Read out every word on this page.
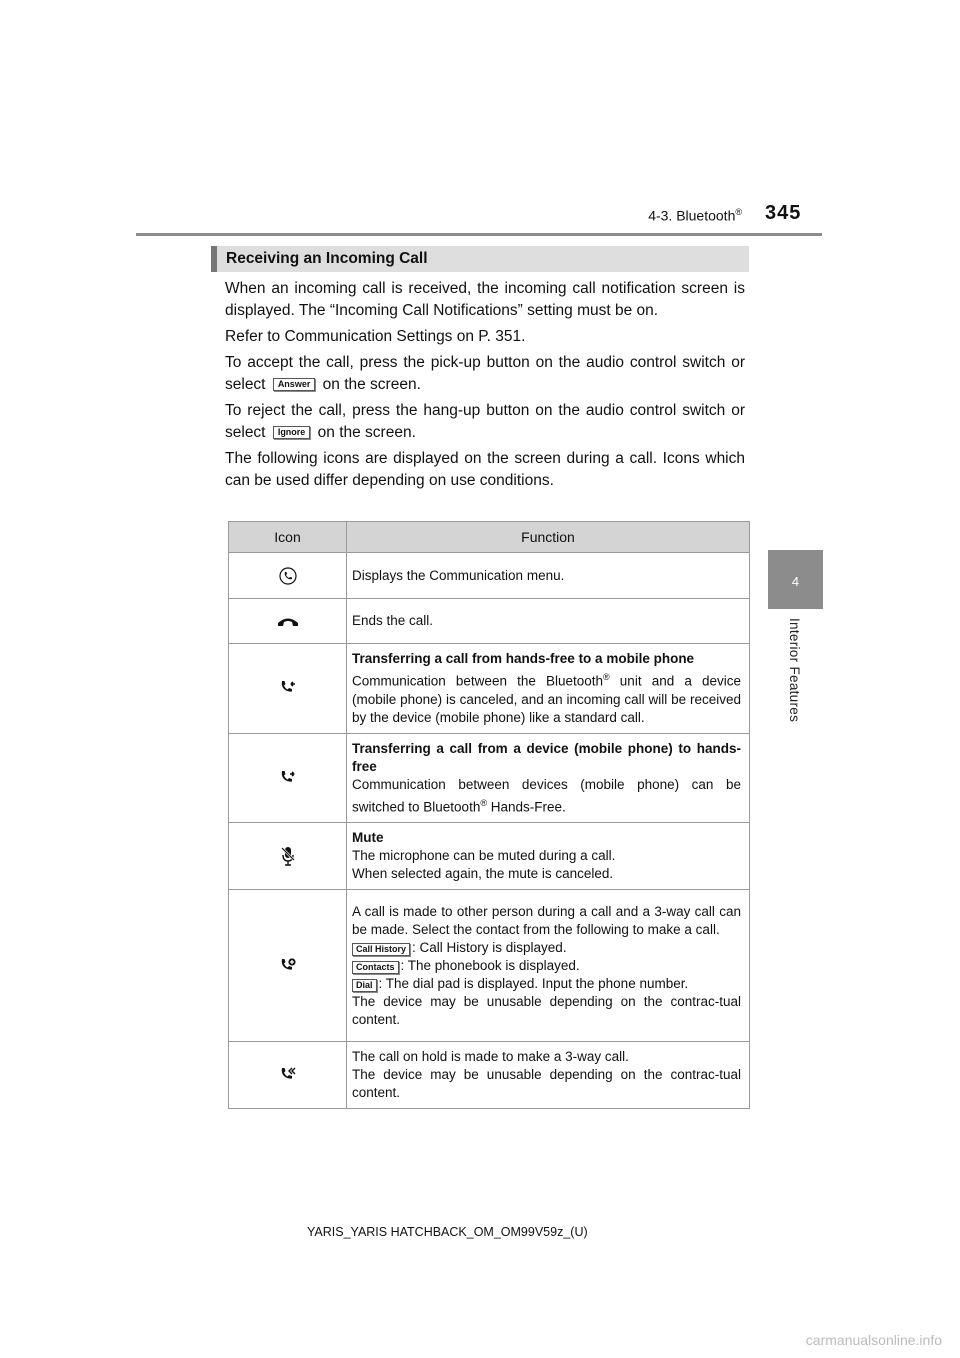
4-3. Bluetooth® 345
4
Interior Features
Receiving an Incoming Call

When an incoming call is received, the incoming call notification screen is displayed. The “Incoming Call Notifications” setting must be on.

Refer to Communication Settings on P. 351.

To accept the call, press the pick-up button on the audio control switch or select Answer on the screen.

To reject the call, press the hang-up button on the audio control switch or select Ignore on the screen.

The following icons are displayed on the screen during a call. Icons which can be used differ depending on use conditions.

Icon	Function
	Displays the Communication menu.
	Ends the call.

Transferring a call from hands-free to a mobile phone
Communication between the Bluetooth® unit and a device (mobile phone) is canceled, and an incoming call will be received by the device (mobile phone) like a standard call.

Transferring a call from a device (mobile phone) to hands-free
Communication between devices (mobile phone) can be switched to Bluetooth® Hands-Free.

Mute
The microphone can be muted during a call.
When selected again, the mute is canceled.

A call is made to other person during a call and a 3-way call can be made. Select the contact from the following to make a call.
Call History : Call History is displayed.
Contacts : The phonebook is displayed.
Dial : The dial pad is displayed. Input the phone number.
The device may be unusable depending on the contrac-tual content.

The call on hold is made to make a 3-way call.
The device may be unusable depending on the contrac-tual content.
YARIS_YARIS HATCHBACK_OM_OM99V59z_(U)
carmanualsonline.info
